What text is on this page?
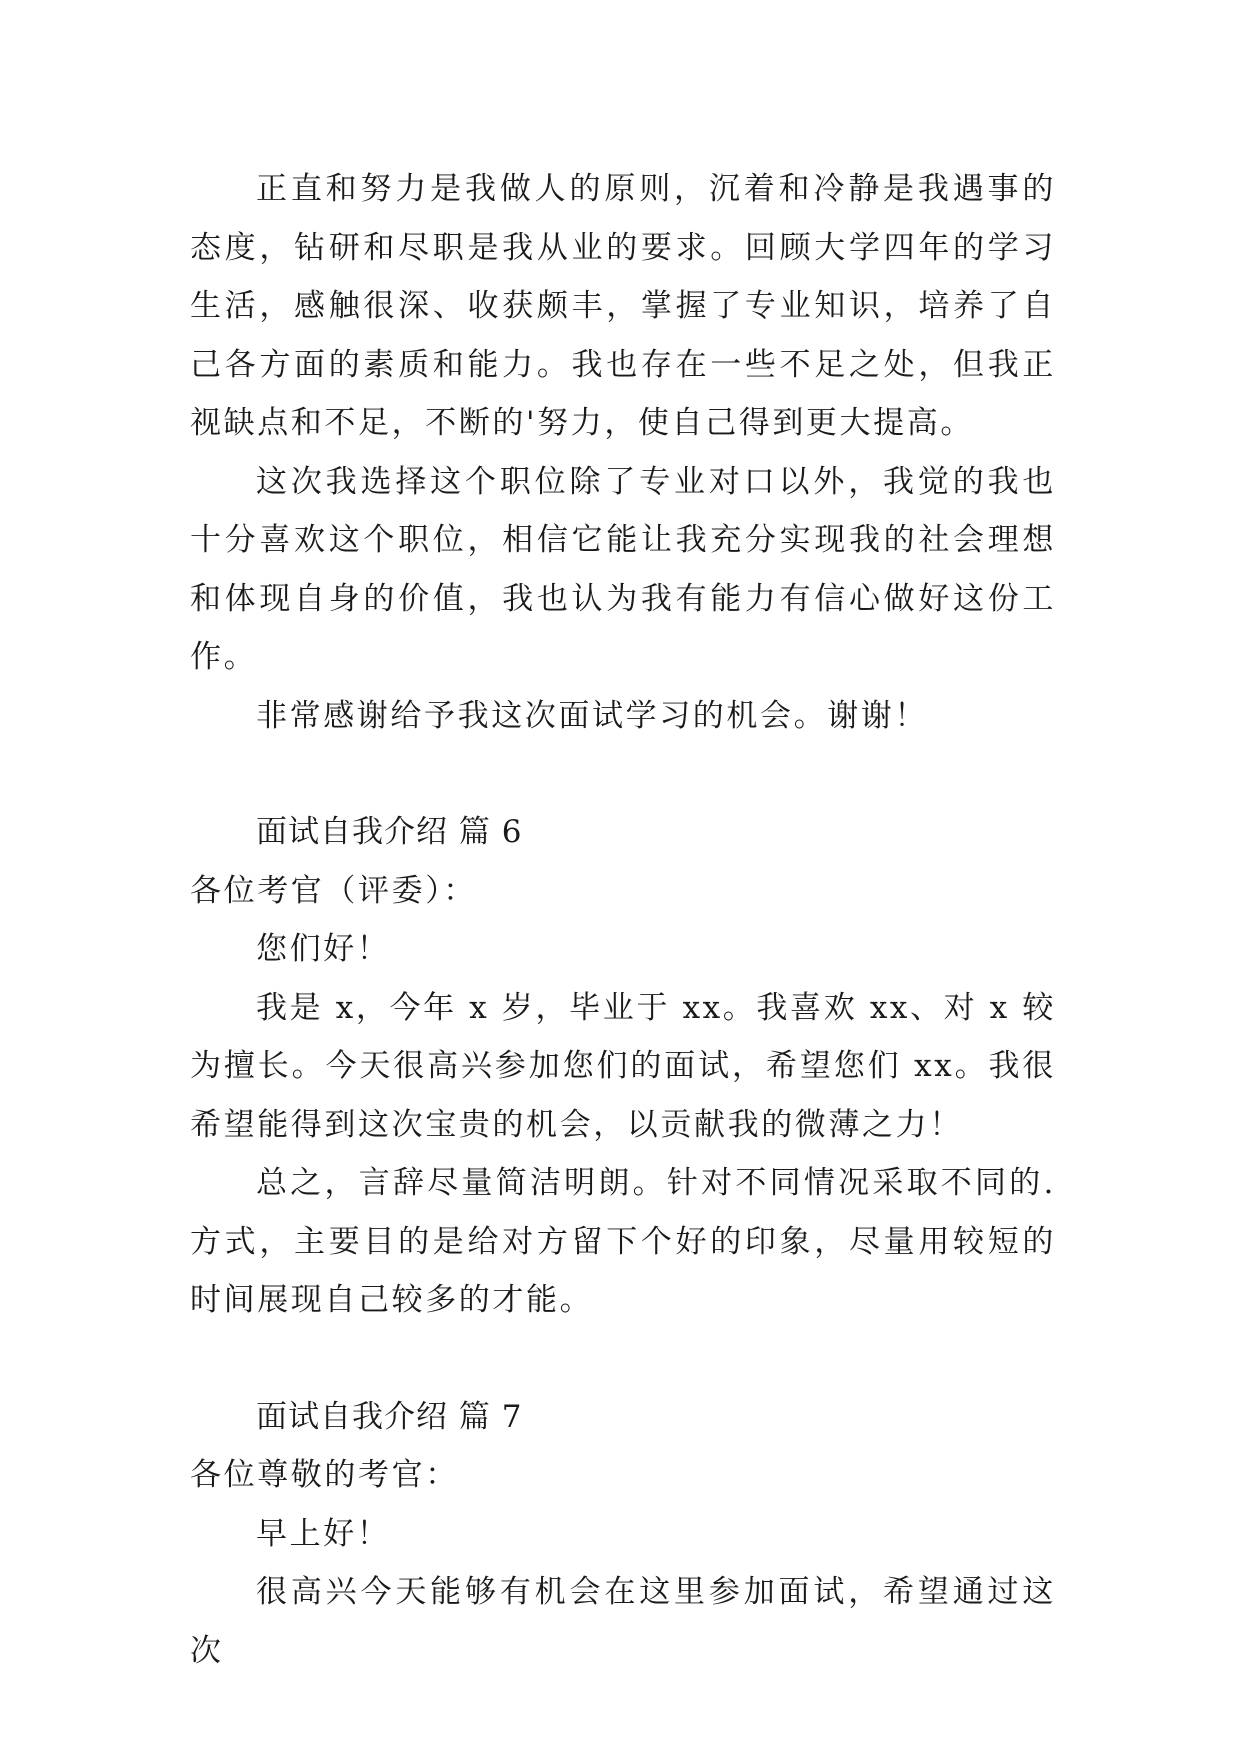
正直和努力是我做人的原则，沉着和冷静是我遇事的态度，钻研和尽职是我从业的要求。回顾大学四年的学习生活，感触很深、收获颇丰，掌握了专业知识，培养了自己各方面的素质和能力。我也存在一些不足之处，但我正视缺点和不足，不断的'努力，使自己得到更大提高。

这次我选择这个职位除了专业对口以外，我觉的我也十分喜欢这个职位，相信它能让我充分实现我的社会理想和体现自身的价值，我也认为我有能力有信心做好这份工作。

非常感谢给予我这次面试学习的机会。谢谢！

面试自我介绍 篇 6

各位考官（评委）：

您们好！

我是 x，今年 x 岁，毕业于 xx。我喜欢 xx、对 x 较为擅长。今天很高兴参加您们的面试，希望您们 xx。我很希望能得到这次宝贵的机会，以贡献我的微薄之力！

总之，言辞尽量简洁明朗。针对不同情况采取不同的.方式，主要目的是给对方留下个好的印象，尽量用较短的时间展现自己较多的才能。

面试自我介绍 篇 7

各位尊敬的考官：

早上好！

很高兴今天能够有机会在这里参加面试，希望通过这次
